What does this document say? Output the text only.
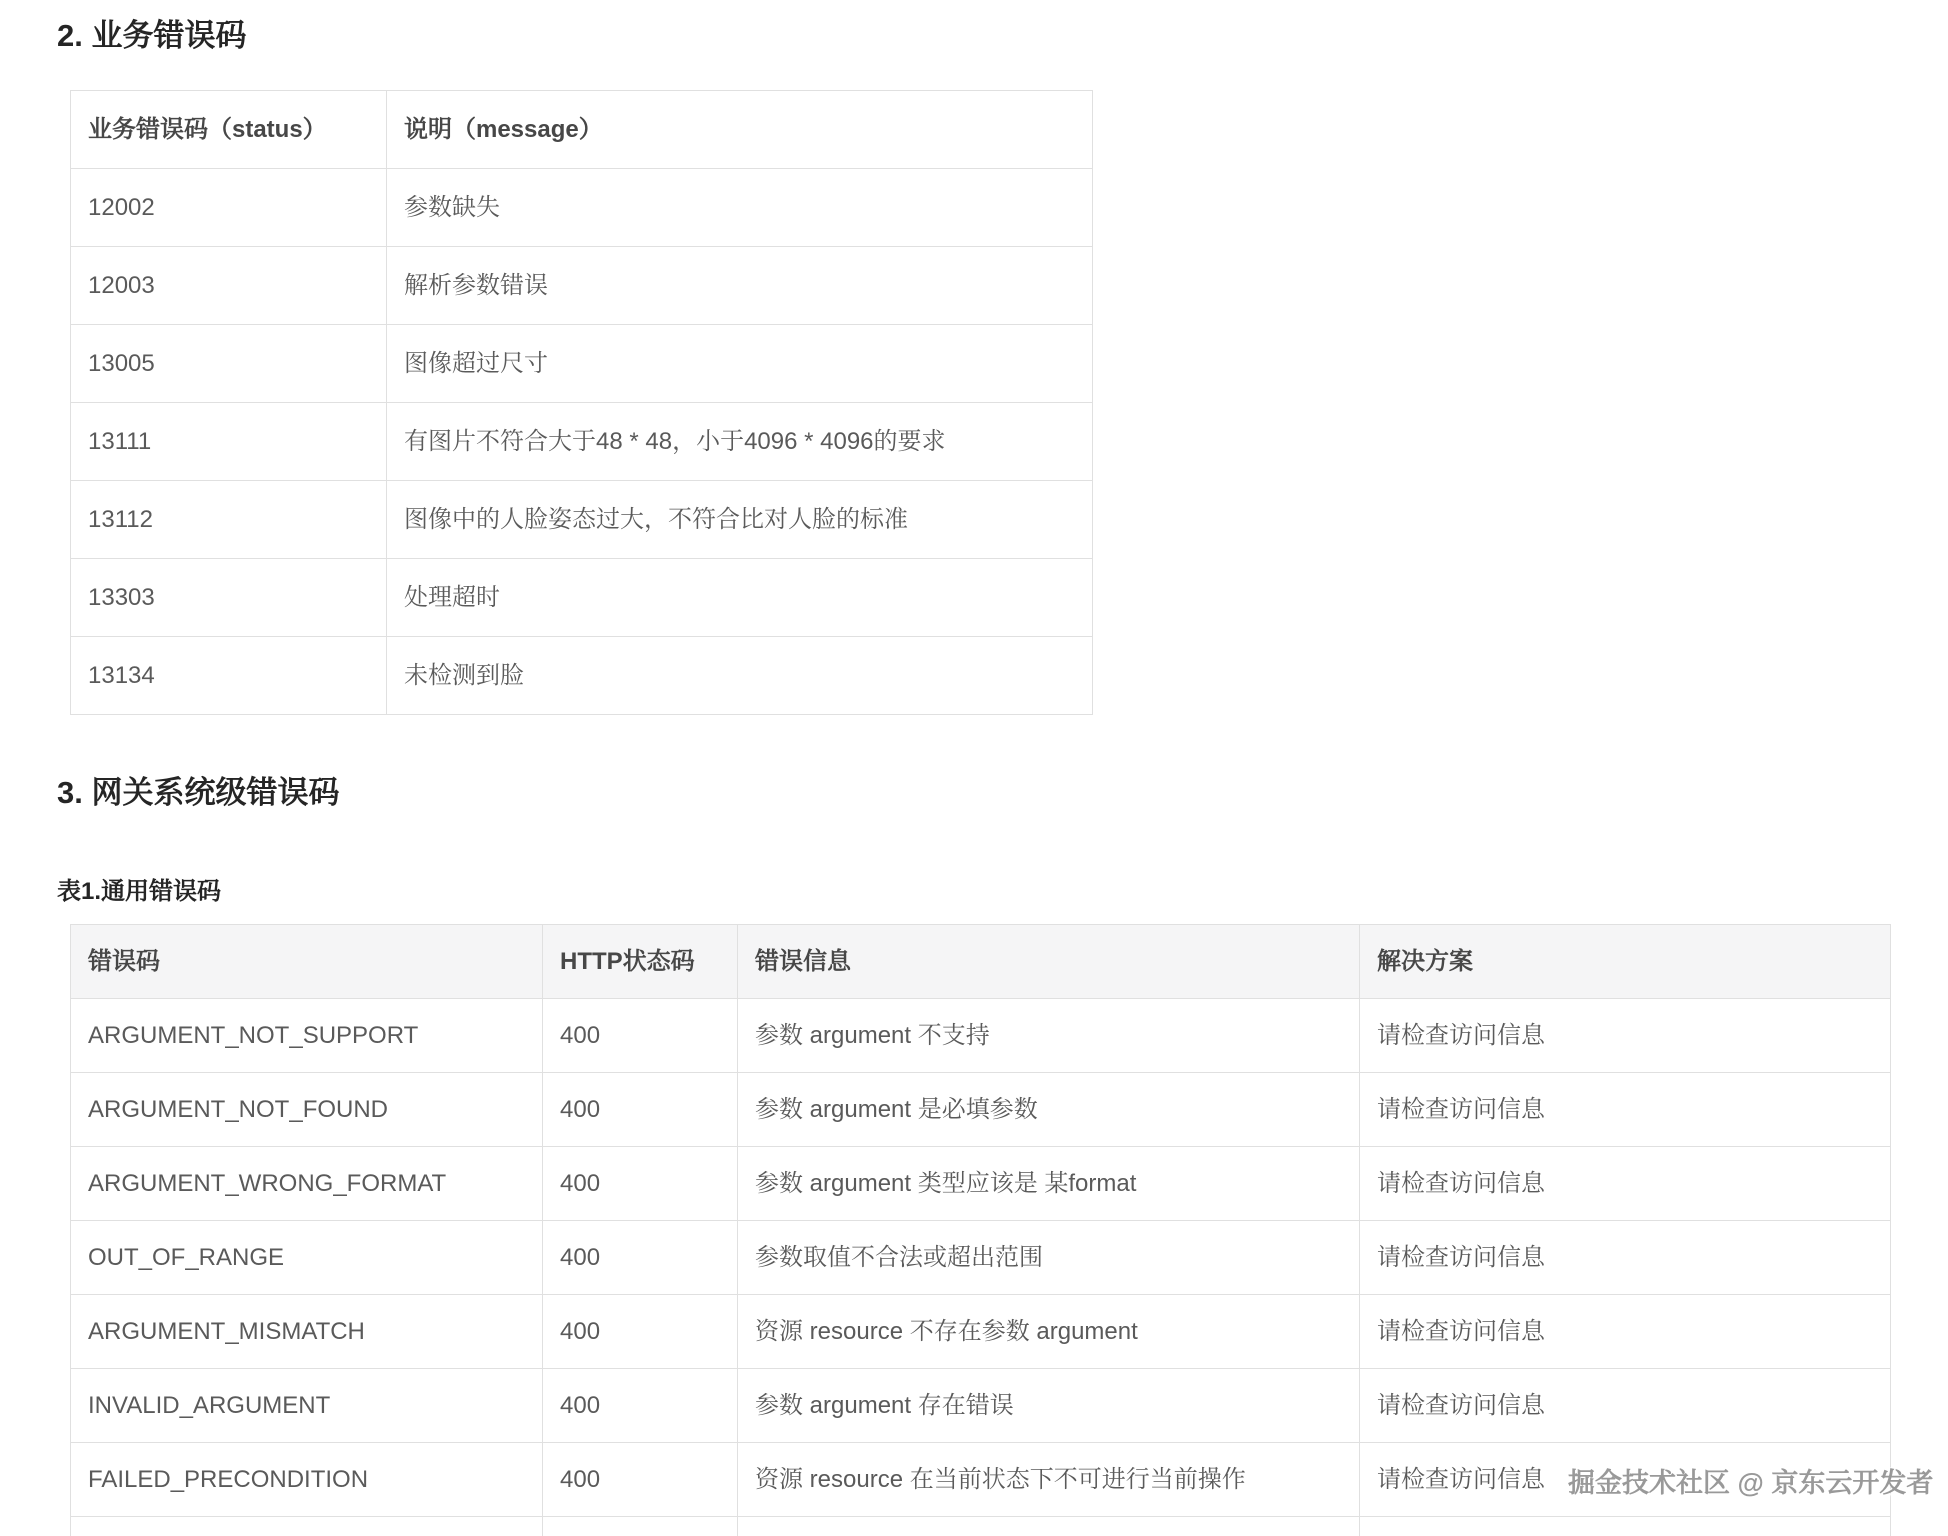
2. 业务错误码
业务错误码（status）	说明（message）
12002	参数缺失
12003	解析参数错误
13005	图像超过尺寸
13111	有图片不符合大于48 * 48，小于4096 * 4096的要求
13112	图像中的人脸姿态过大，不符合比对人脸的标准
13303	处理超时
13134	未检测到脸
3. 网关系统级错误码
表1.通用错误码
错误码	HTTP状态码	错误信息	解决方案
ARGUMENT_NOT_SUPPORT	400	参数 argument 不支持	请检查访问信息
ARGUMENT_NOT_FOUND	400	参数 argument 是必填参数	请检查访问信息
ARGUMENT_WRONG_FORMAT	400	参数 argument 类型应该是 某format	请检查访问信息
OUT_OF_RANGE	400	参数取值不合法或超出范围	请检查访问信息
ARGUMENT_MISMATCH	400	资源 resource 不存在参数 argument	请检查访问信息
INVALID_ARGUMENT	400	参数 argument 存在错误	请检查访问信息
FAILED_PRECONDITION	400	资源 resource 在当前状态下不可进行当前操作	请检查访问信息
			掘金技术社区 @ 京东云开发者
